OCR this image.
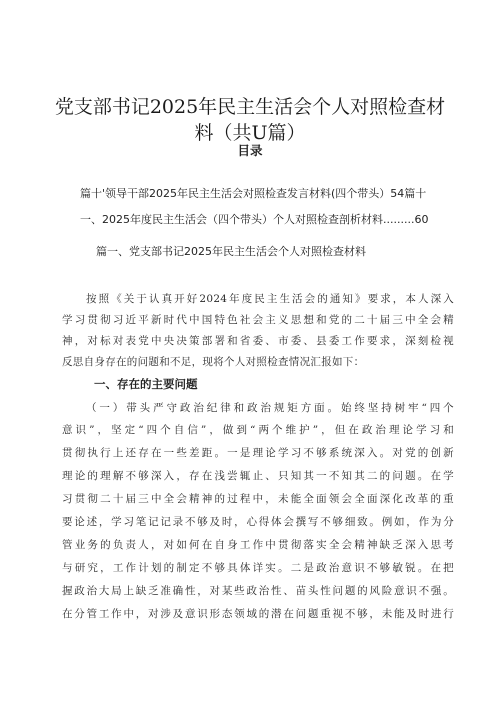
党支部书记2025年民主生活会个人对照检查材
料（共U篇）
目录
篇十'领导干部2025年民主生活会对照检查发言材料(四个带头）54篇十
一、2025年度民主生活会（四个带头）个人对照检查剖析材料.........60
篇一、党支部书记2025年民主生活会个人对照检查材料
按照《关于认真开好2024年度民主生活会的通知》要求，本人深入
学习贯彻习近平新时代中国特色社会主义思想和党的二十届三中全会精
神，对标对表党中央决策部署和省委、市委、县委工作要求，深刻检视
反思自身存在的问题和不足，现将个人对照检查情况汇报如下：
一、存在的主要问题
（一）带头严守政治纪律和政治规矩方面。始终坚持树牢“四个
意识”，坚定“四个自信”，做到“两个维护”，但在政治理论学习和
贯彻执行上还存在一些差距。一是理论学习不够系统深入。对党的创新
理论的理解不够深入，存在浅尝辄止、只知其一不知其二的问题。在学
习贯彻二十届三中全会精神的过程中，未能全面领会全面深化改革的重
要论述，学习笔记记录不够及时，心得体会撰写不够细致。例如，作为分
管业务的负责人，对如何在自身工作中贯彻落实全会精神缺乏深入思考
与研究，工作计划的制定不够具体详实。二是政治意识不够敏锐。在把
握政治大局上缺乏准确性，对某些政治性、苗头性问题的风险意识不强。
在分管工作中，对涉及意识形态领域的潜在问题重视不够，未能及时进行
